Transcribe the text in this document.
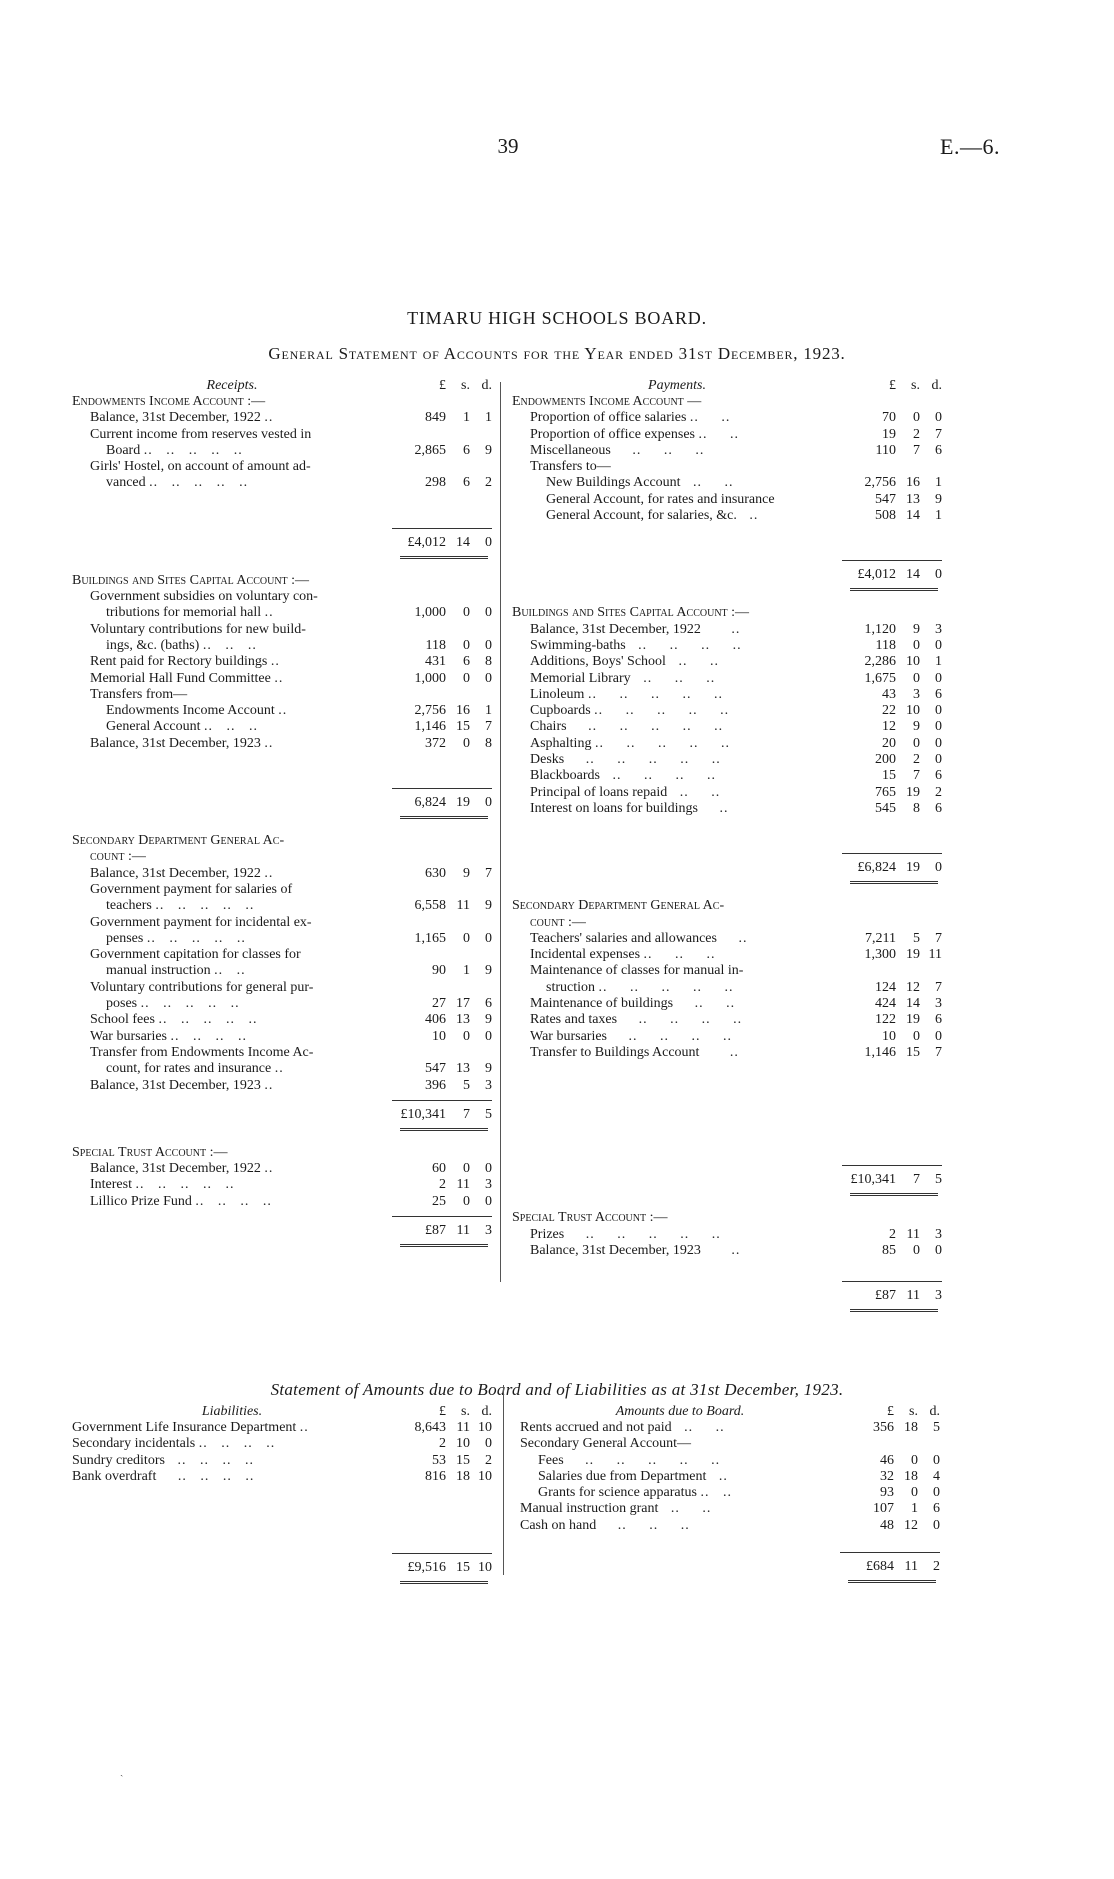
39	E.—6.
TIMARU HIGH SCHOOLS BOARD.
General Statement of Accounts for the Year ended 31st December, 1923.
Receipts.	£	s. d.
Endowments Income Account :—
Balance, 31st December, 1922 ..	849	1	1
Current income from reserves vested in
Board ..   ..   ..   ..   ..	2,865	6	9
Girls' Hostel, on account of amount ad-
vanced ..   ..   ..   ..   ..	298	6	2
£4,012 14	0
Buildings and Sites Capital Account :—
Government subsidies on voluntary con-
tributions for memorial hall ..	1,000	0	0
Voluntary contributions for new build-
ings, &c. (baths) ..   ..   ..	118	0	0
Rent paid for Rectory buildings ..	431	6	8
Memorial Hall Fund Committee ..	1,000	0	0
Transfers from—
Endowments Income Account ..	2,756 16	1
General Account ..   ..   ..	1,146 15	7
Balance, 31st December, 1923 ..	372	0	8
6,824 19	0
Secondary Department General Ac-
count :—
Balance, 31st December, 1922 ..	630	9	7
Government payment for salaries of
teachers ..   ..   ..   ..   ..	6,558 11	9
Government payment for incidental ex-
penses ..   ..   ..   ..   ..	1,165	0	0
Government capitation for classes for
manual instruction ..   ..	90	1	9
Voluntary contributions for general pur-
poses ..   ..   ..   ..   ..	27 17	6
School fees ..   ..   ..   ..   ..	406 13	9
War bursaries ..   ..   ..   ..	10	0	0
Transfer from Endowments Income Ac-
count, for rates and insurance ..	547 13	9
Balance, 31st December, 1923 ..	396	5	3
£10,341	7	5
Special Trust Account :—
Balance, 31st December, 1922 ..	60	0	0
Interest ..   ..   ..   ..   ..	2 11	3
Lillico Prize Fund ..   ..   ..   ..	25	0	0
£87 11	3
Payments.	£	s. d.
Endowments Income Account —
Proportion of office salaries ..     ..	70	0	0
Proportion of office expenses ..     ..	19	2	7
Miscellaneous     ..     ..     ..	110	7	6
Transfers to—
New Buildings Account   ..     ..	2,756 16	1
General Account, for rates and insurance	547 13	9
General Account, for salaries, &c.   ..	508 14	1
£4,012 14	0
Buildings and Sites Capital Account :—
Balance, 31st December, 1922       ..	1,120	9	3
Swimming-baths   ..     ..     ..     ..	118	0	0
Additions, Boys' School   ..     ..	2,286 10	1
Memorial Library   ..     ..     ..	1,675	0	0
Linoleum ..     ..     ..     ..     ..	43	3	6
Cupboards ..     ..     ..     ..     ..	22 10	0
Chairs     ..     ..     ..     ..     ..	12	9	0
Asphalting ..     ..     ..     ..     ..	20	0	0
Desks     ..     ..     ..     ..     ..	200	2	0
Blackboards   ..     ..     ..     ..	15	7	6
Principal of loans repaid   ..     ..	765 19	2
Interest on loans for buildings     ..	545	8	6
£6,824 19	0
Secondary Department General Ac-
count :—
Teachers' salaries and allowances     ..	7,211	5	7
Incidental expenses ..     ..     ..	1,300 19 11
Maintenance of classes for manual in-
struction ..     ..     ..     ..     ..	124 12	7
Maintenance of buildings     ..     ..	424 14	3
Rates and taxes     ..     ..     ..     ..	122 19	6
War bursaries     ..     ..     ..     ..	10	0	0
Transfer to Buildings Account       ..	1,146 15	7
£10,341	7	5
Special Trust Account :—
Prizes     ..     ..     ..     ..     ..	2 11	3
Balance, 31st December, 1923       ..	85	0	0
£87 11	3
Statement of Amounts due to Board and of Liabilities as at 31st December, 1923.
Liabilities.	£	s. d.
Government Life Insurance Department ..	8,643 11 10
Secondary incidentals ..   ..   ..   ..	2 10	0
Sundry creditors   ..   ..   ..   ..	53 15	2
Bank overdraft     ..   ..   ..   ..	816 18 10
£9,516 15 10
Amounts due to Board.	£	s. d.
Rents accrued and not paid   ..     ..	356 18	5
Secondary General Account—
Fees     ..     ..     ..     ..     ..	46	0	0
Salaries due from Department   ..	32 18	4
Grants for science apparatus ..   ..	93	0	0
Manual instruction grant   ..     ..	107	1	6
Cash on hand     ..     ..     ..	48 12	0
£684 11	2
ˏ
